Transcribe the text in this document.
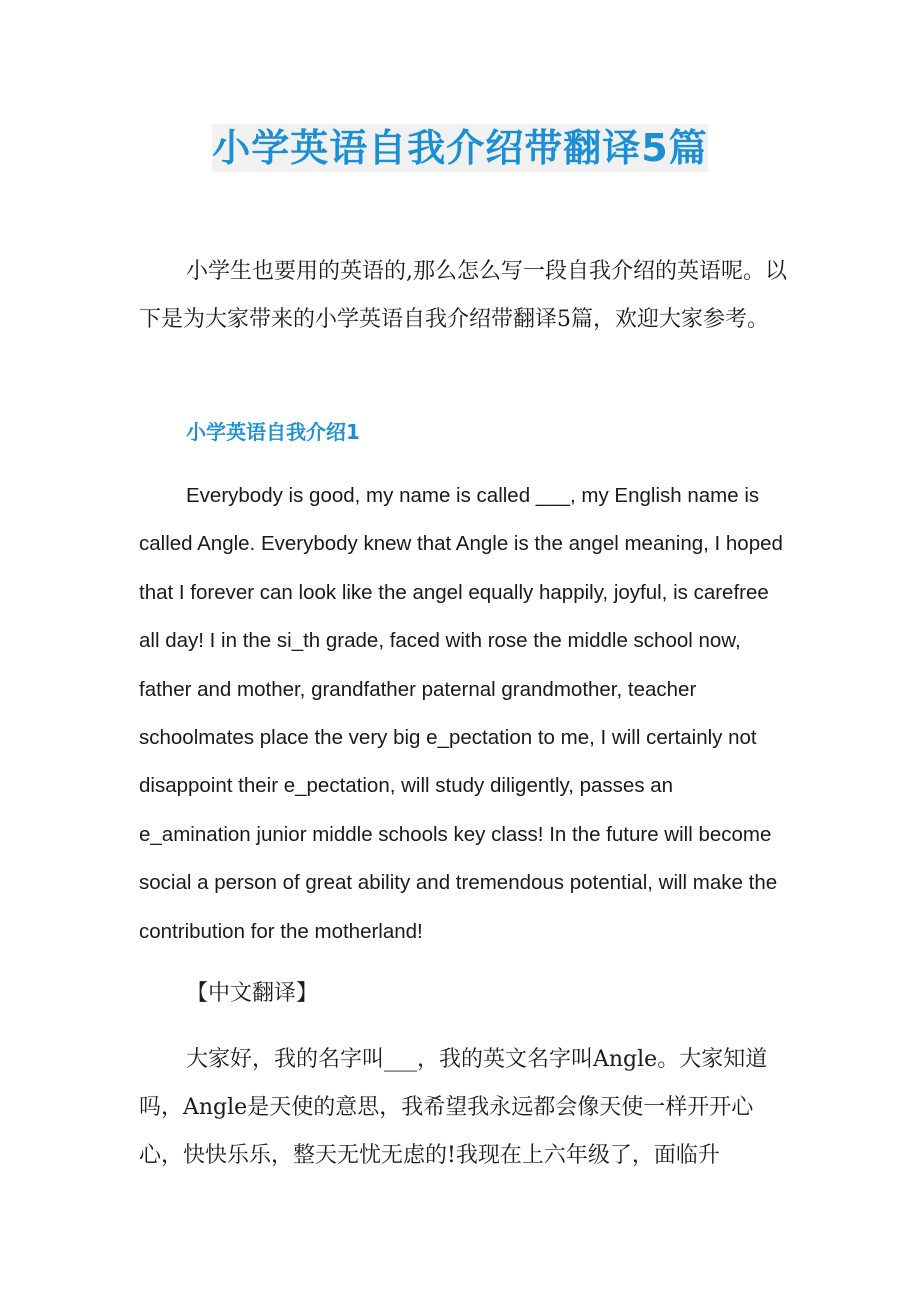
小学英语自我介绍带翻译5篇

小学生也要用的英语的,那么怎么写一段自我介绍的英语呢。以下是为大家带来的小学英语自我介绍带翻译5篇，欢迎大家参考。

小学英语自我介绍1

Everybody is good, my name is called ___, my English name is called Angle. Everybody knew that Angle is the angel meaning, I hoped that I forever can look like the angel equally happily, joyful, is carefree all day! I in the si_th grade, faced with rose the middle school now, father and mother, grandfather paternal grandmother, teacher schoolmates place the very big e_pectation to me, I will certainly not disappoint their e_pectation, will study diligently, passes an e_amination junior middle schools key class! In the future will become social a person of great ability and tremendous potential, will make the contribution for the motherland!

【中文翻译】

大家好，我的名字叫___，我的英文名字叫Angle。大家知道吗，Angle是天使的意思，我希望我永远都会像天使一样开开心心，快快乐乐，整天无忧无虑的!我现在上六年级了，面临升
